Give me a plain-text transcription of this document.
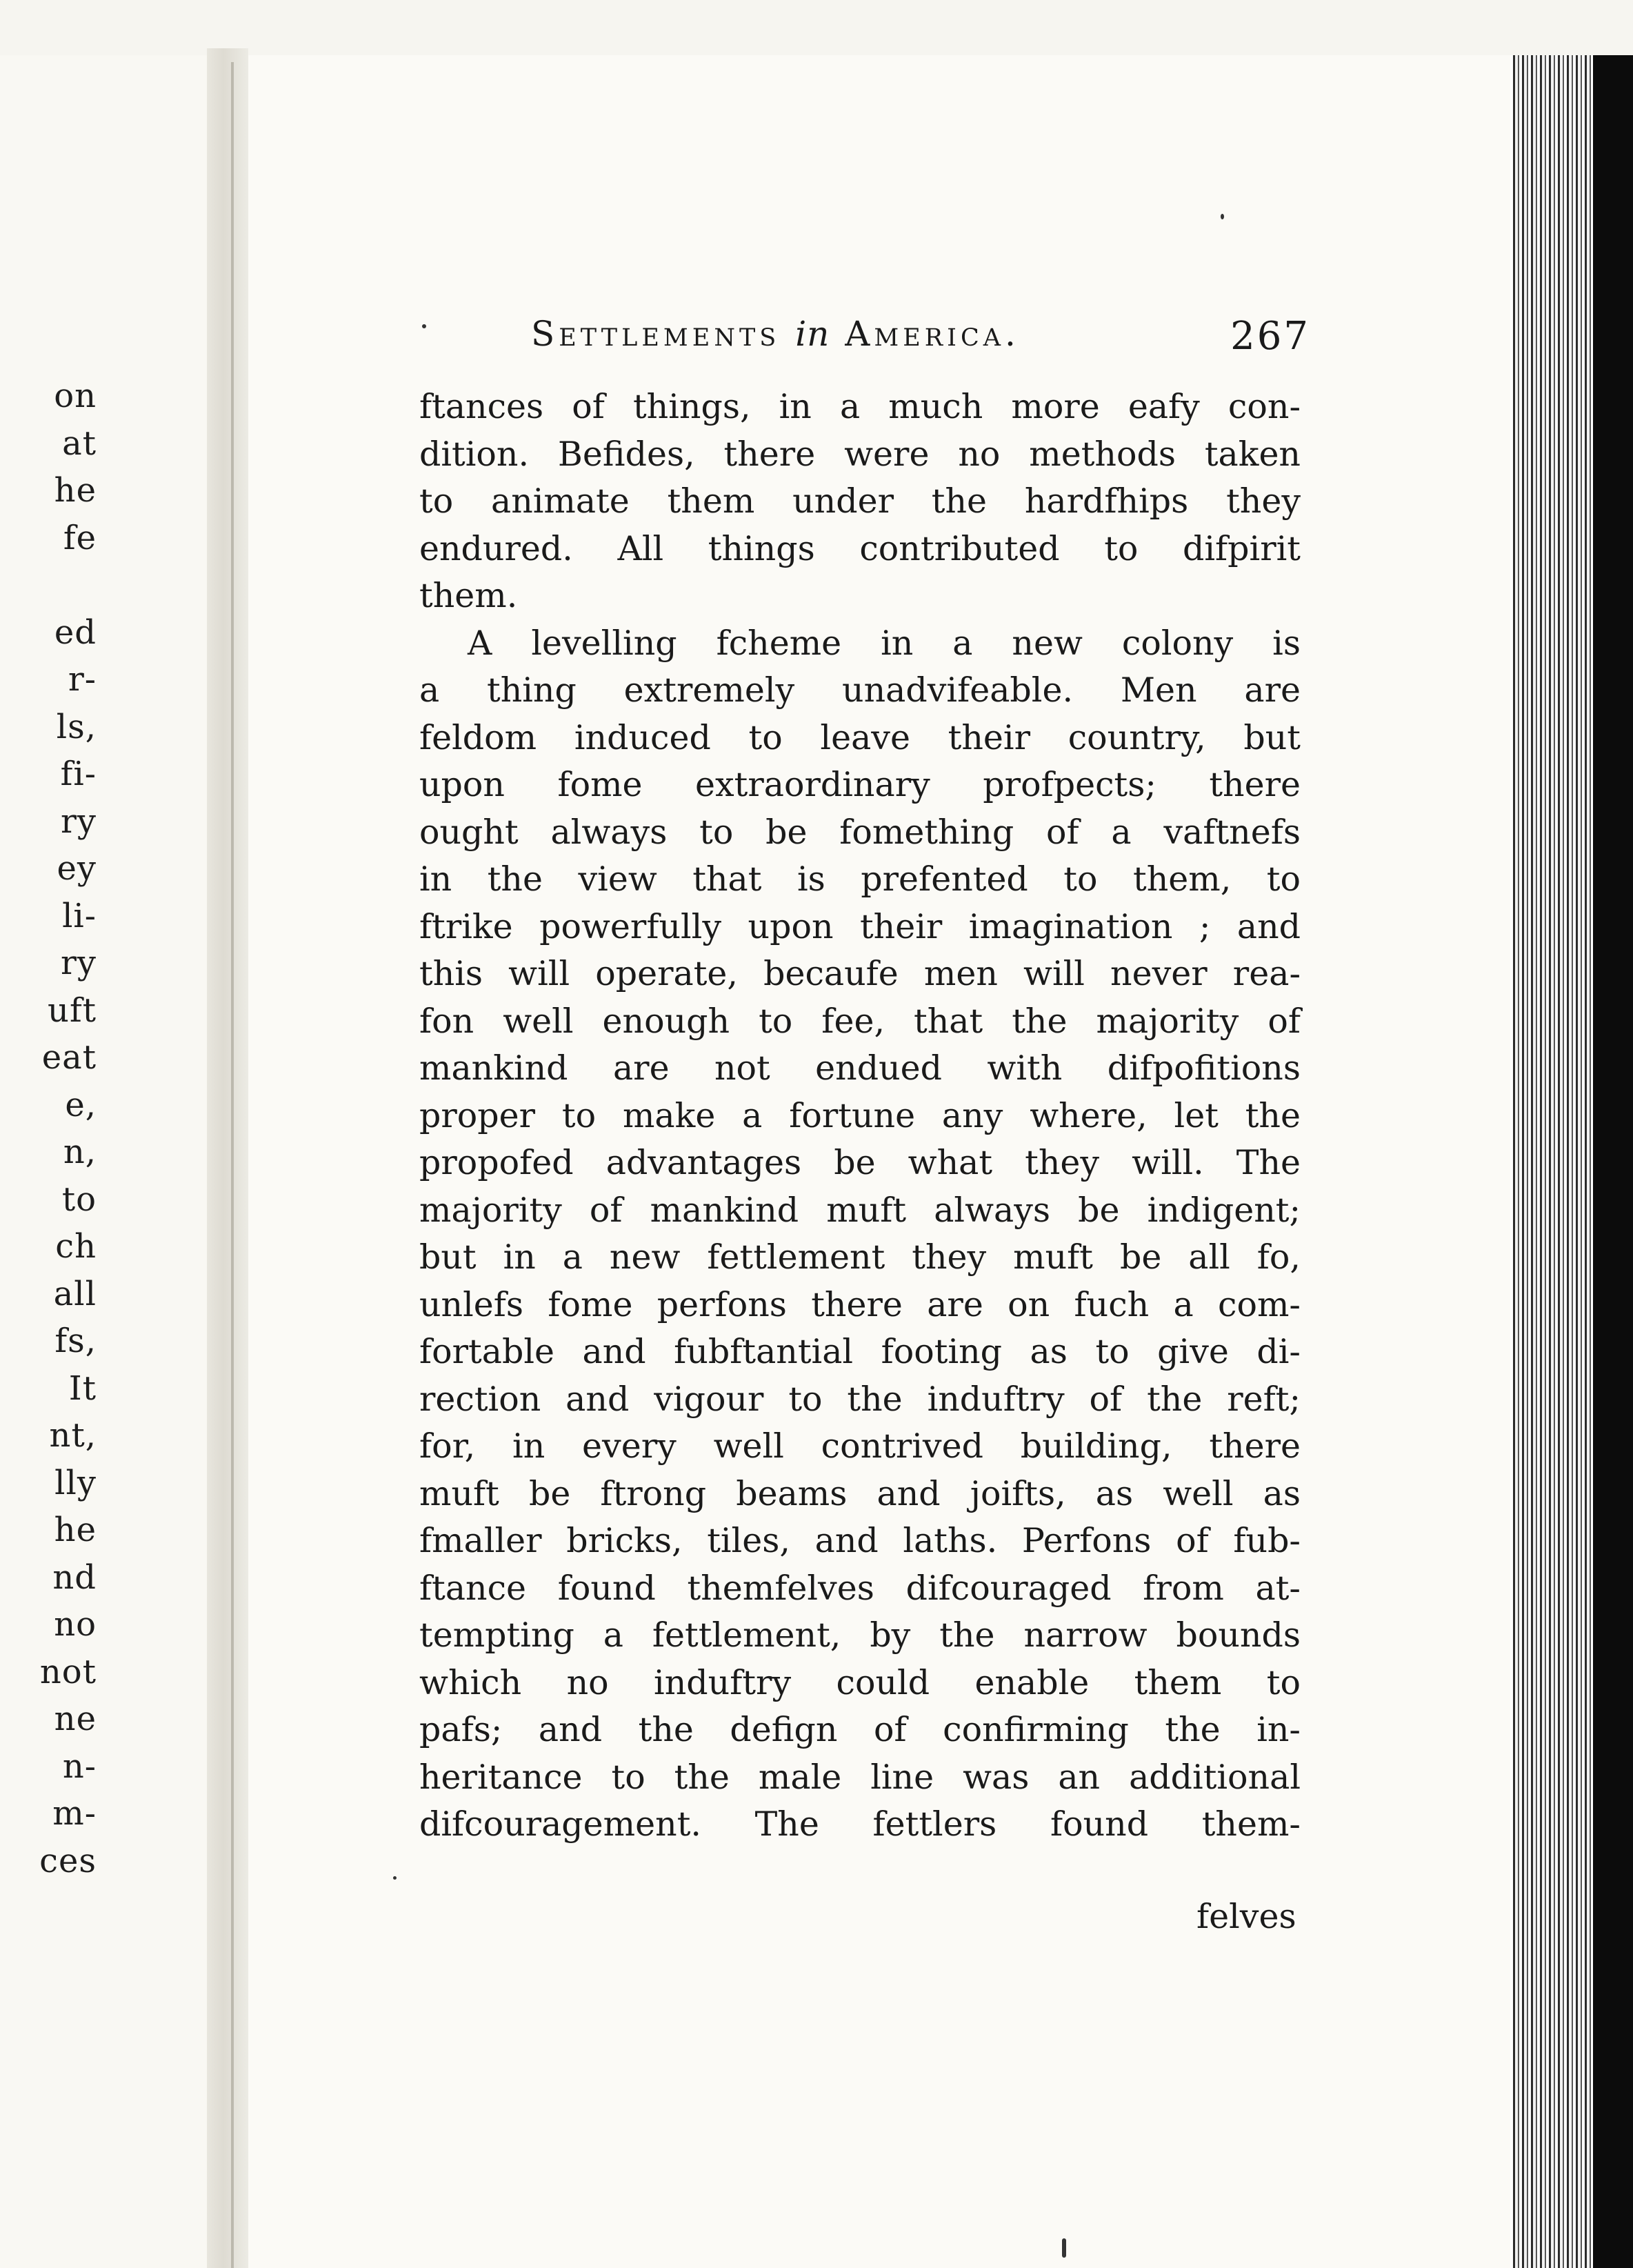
on
at
he
fe
ed
r-
ls,
fi-
ry
ey
li-
ry
uft
eat
e,
n,
to
ch
all
fs,
It
nt,
lly
he
nd
no
not
ne
n-
m-
ces
Settlements in America.	267
ftances of things, in a much more eafy con-
dition. Befides, there were no methods taken
to animate them under the hardfhips they
endured. All things contributed to difpirit
them.
A levelling fcheme in a new colony is
a thing extremely unadvifeable. Men are
feldom induced to leave their country, but
upon fome extraordinary profpects; there
ought always to be fomething of a vaftnefs
in the view that is prefented to them, to
ftrike powerfully upon their imagination ; and
this will operate, becaufe men will never rea-
fon well enough to fee, that the majority of
mankind are not endued with difpofitions
proper to make a fortune any where, let the
propofed advantages be what they will. The
majority of mankind muft always be indigent;
but in a new fettlement they muft be all fo,
unlefs fome perfons there are on fuch a com-
fortable and fubftantial footing as to give di-
rection and vigour to the induftry of the reft;
for, in every well contrived building, there
muft be ftrong beams and joifts, as well as
fmaller bricks, tiles, and laths. Perfons of fub-
ftance found themfelves difcouraged from at-
tempting a fettlement, by the narrow bounds
which no induftry could enable them to
pafs; and the defign of confirming the in-
heritance to the male line was an additional
difcouragement. The fettlers found them-
felves
